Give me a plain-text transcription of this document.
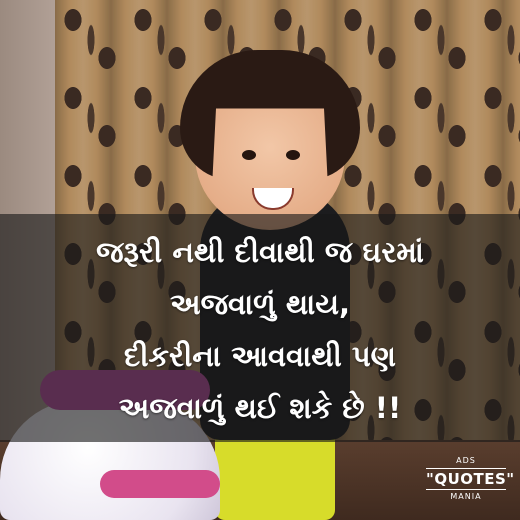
જરૂરી નથી દીવાથી જ ઘરમાં
અજવાળું થાય,
દીકરીના આવવાથી પણ
અજવાળું થઈ શકે છે !!
ADS
"QUOTES"
MANIA
